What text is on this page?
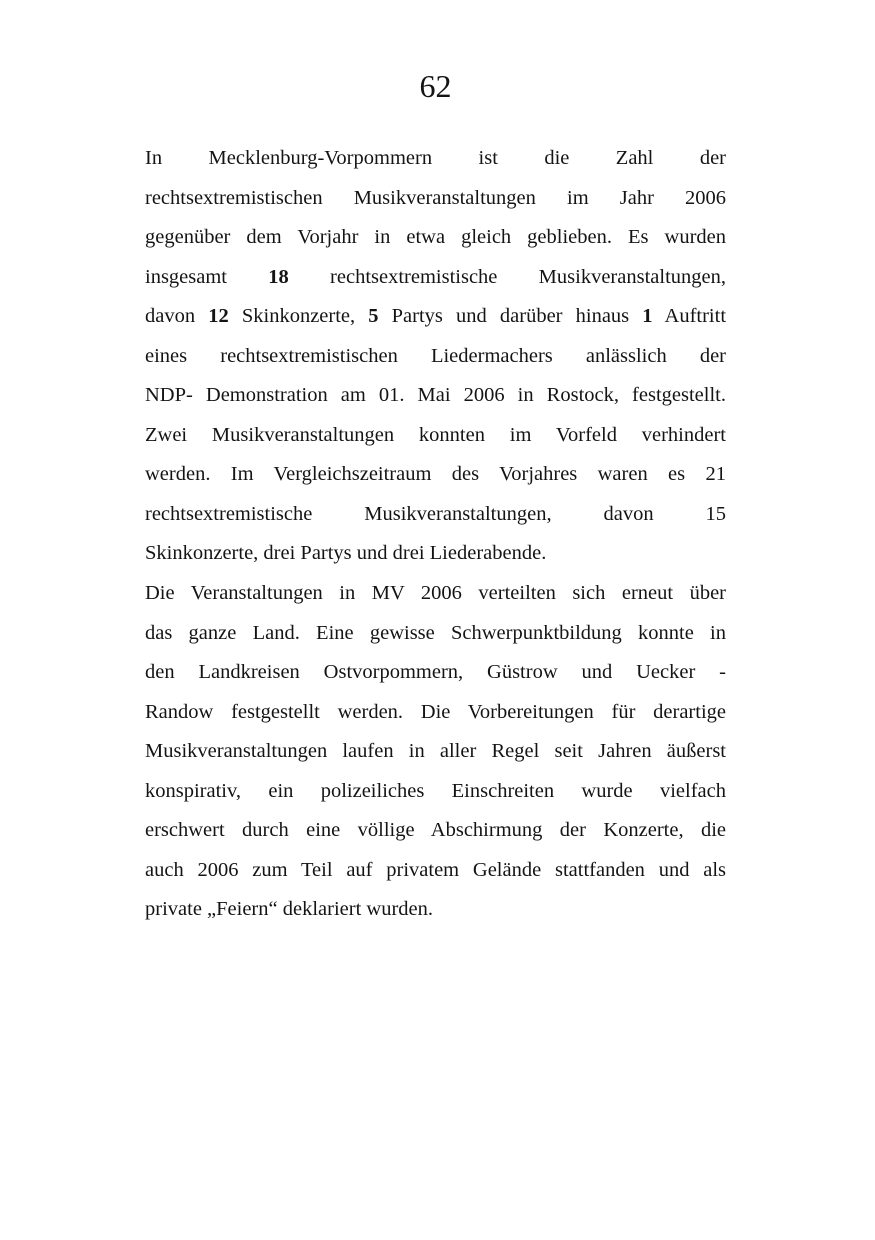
62
In Mecklenburg-Vorpommern ist die Zahl der
rechtsextremistischen Musikveranstaltungen im Jahr 2006
gegenüber dem Vorjahr in etwa gleich geblieben. Es wurden
insgesamt 18 rechtsextremistische Musikveranstaltungen,
davon 12 Skinkonzerte, 5 Partys und darüber hinaus 1 Auftritt
eines rechtsextremistischen Liedermachers anlässlich der
NDP- Demonstration am 01. Mai 2006 in Rostock, festgestellt.
Zwei Musikveranstaltungen konnten im Vorfeld verhindert
werden. Im Vergleichszeitraum des Vorjahres waren es 21
rechtsextremistische Musikveranstaltungen, davon 15
Skinkonzerte, drei Partys und drei Liederabende.
Die Veranstaltungen in MV 2006 verteilten sich erneut über
das ganze Land. Eine gewisse Schwerpunktbildung konnte in
den Landkreisen Ostvorpommern, Güstrow und Uecker -
Randow festgestellt werden. Die Vorbereitungen für derartige
Musikveranstaltungen laufen in aller Regel seit Jahren äußerst
konspirativ, ein polizeiliches Einschreiten wurde vielfach
erschwert durch eine völlige Abschirmung der Konzerte, die
auch 2006 zum Teil auf privatem Gelände stattfanden und als
private „Feiern“ deklariert wurden.
